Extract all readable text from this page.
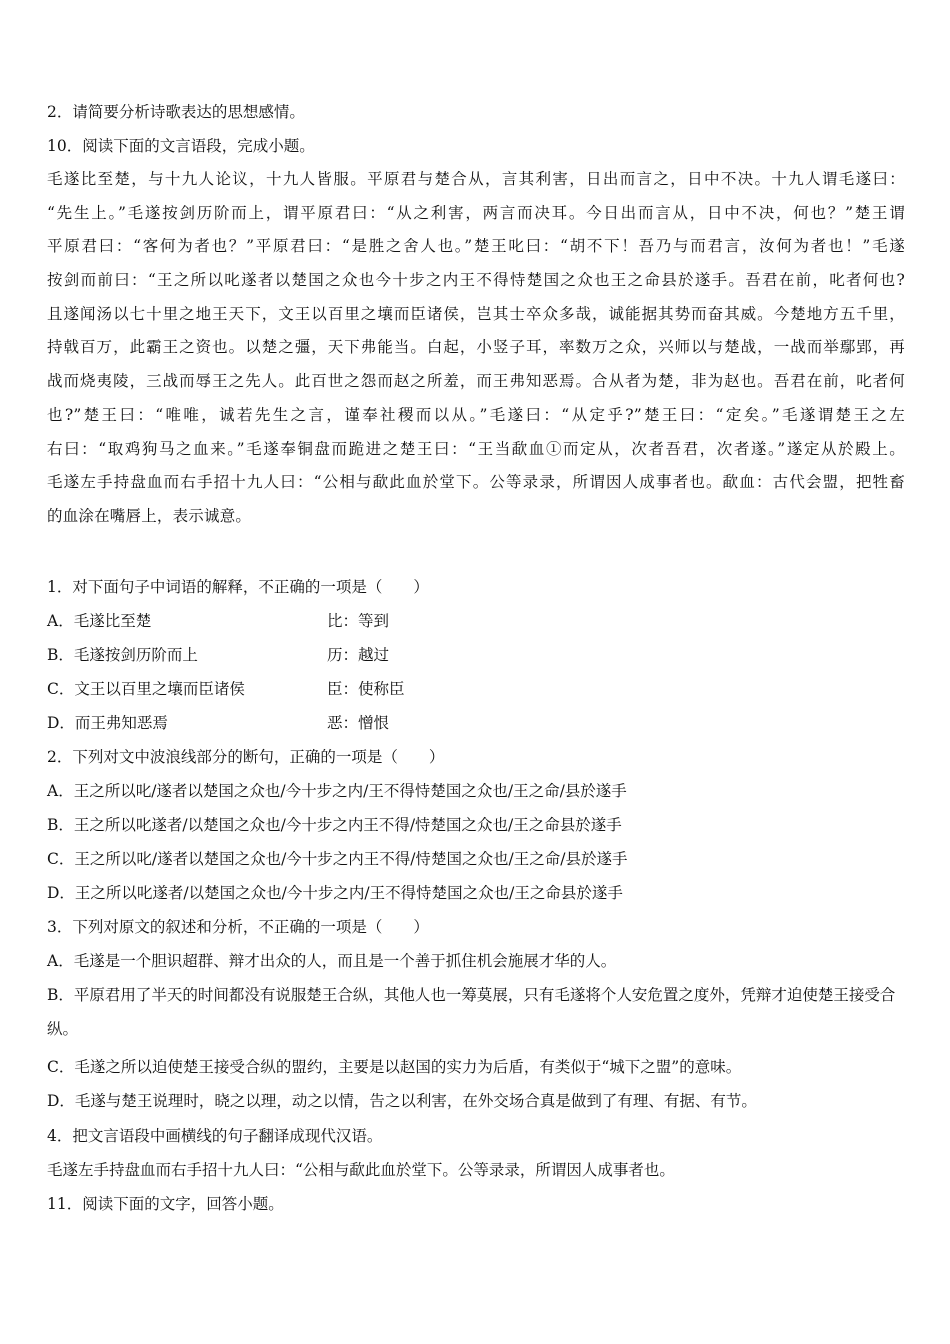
2．请简要分析诗歌表达的思想感情。
10．阅读下面的文言语段，完成小题。

毛遂比至楚，与十九人论议，十九人皆服。平原君与楚合从，言其利害，日出而言之，日中不决。十九人谓毛遂曰：

“先生上。”毛遂按剑历阶而上，谓平原君曰：“从之利害，两言而决耳。今日出而言从，日中不决，何也？”楚王谓

平原君曰：“客何为者也？”平原君曰：“是胜之舍人也。”楚王叱曰：“胡不下！吾乃与而君言，汝何为者也！”毛遂

按剑而前曰：“王之所以叱遂者以楚国之众也今十步之内王不得恃楚国之众也王之命县於遂手。吾君在前，叱者何也?

且遂闻汤以七十里之地王天下，文王以百里之壤而臣诸侯，岂其士卒众多哉，诚能据其势而奋其威。今楚地方五千里，

持戟百万，此霸王之资也。以楚之彊，天下弗能当。白起，小竖子耳，率数万之众，兴师以与楚战，一战而举鄢郢，再

战而烧夷陵，三战而辱王之先人。此百世之怨而赵之所羞，而王弗知恶焉。合从者为楚，非为赵也。吾君在前，叱者何

也?”楚王曰：“唯唯，诚若先生之言，谨奉社稷而以从。”毛遂曰：“从定乎?”楚王曰：“定矣。”毛遂谓楚王之左

右曰：“取鸡狗马之血来。”毛遂奉铜盘而跪进之楚王曰：“王当歃血①而定从，次者吾君，次者遂。”遂定从於殿上。

毛遂左手持盘血而右手招十九人曰：“公相与歃此血於堂下。公等录录，所谓因人成事者也。歃血：古代会盟，把牲畜

的血涂在嘴唇上，表示诚意。

1．对下面句子中词语的解释，不正确的一项是（　　）
A．毛遂比至楚	比：等到
B．毛遂按剑历阶而上	历：越过
C．文王以百里之壤而臣诸侯	臣：使称臣
D．而王弗知恶焉	恶：憎恨
2．下列对文中波浪线部分的断句，正确的一项是（　　）
A．王之所以叱/遂者以楚国之众也/今十步之内/王不得恃楚国之众也/王之命/县於遂手
B．王之所以叱遂者/以楚国之众也/今十步之内王不得/恃楚国之众也/王之命县於遂手
C．王之所以叱/遂者以楚国之众也/今十步之内王不得/恃楚国之众也/王之命/县於遂手
D．王之所以叱遂者/以楚国之众也/今十步之内/王不得恃楚国之众也/王之命县於遂手
3．下列对原文的叙述和分析，不正确的一项是（　　）
A．毛遂是一个胆识超群、辩才出众的人，而且是一个善于抓住机会施展才华的人。
B．平原君用了半天的时间都没有说服楚王合纵，其他人也一筹莫展，只有毛遂将个人安危置之度外，凭辩才迫使楚王接受合纵。
C．毛遂之所以迫使楚王接受合纵的盟约，主要是以赵国的实力为后盾，有类似于“城下之盟”的意味。
D．毛遂与楚王说理时，晓之以理，动之以情，告之以利害，在外交场合真是做到了有理、有据、有节。
4．把文言语段中画横线的句子翻译成现代汉语。
毛遂左手持盘血而右手招十九人曰：“公相与歃此血於堂下。公等录录，所谓因人成事者也。
11．阅读下面的文字，回答小题。
